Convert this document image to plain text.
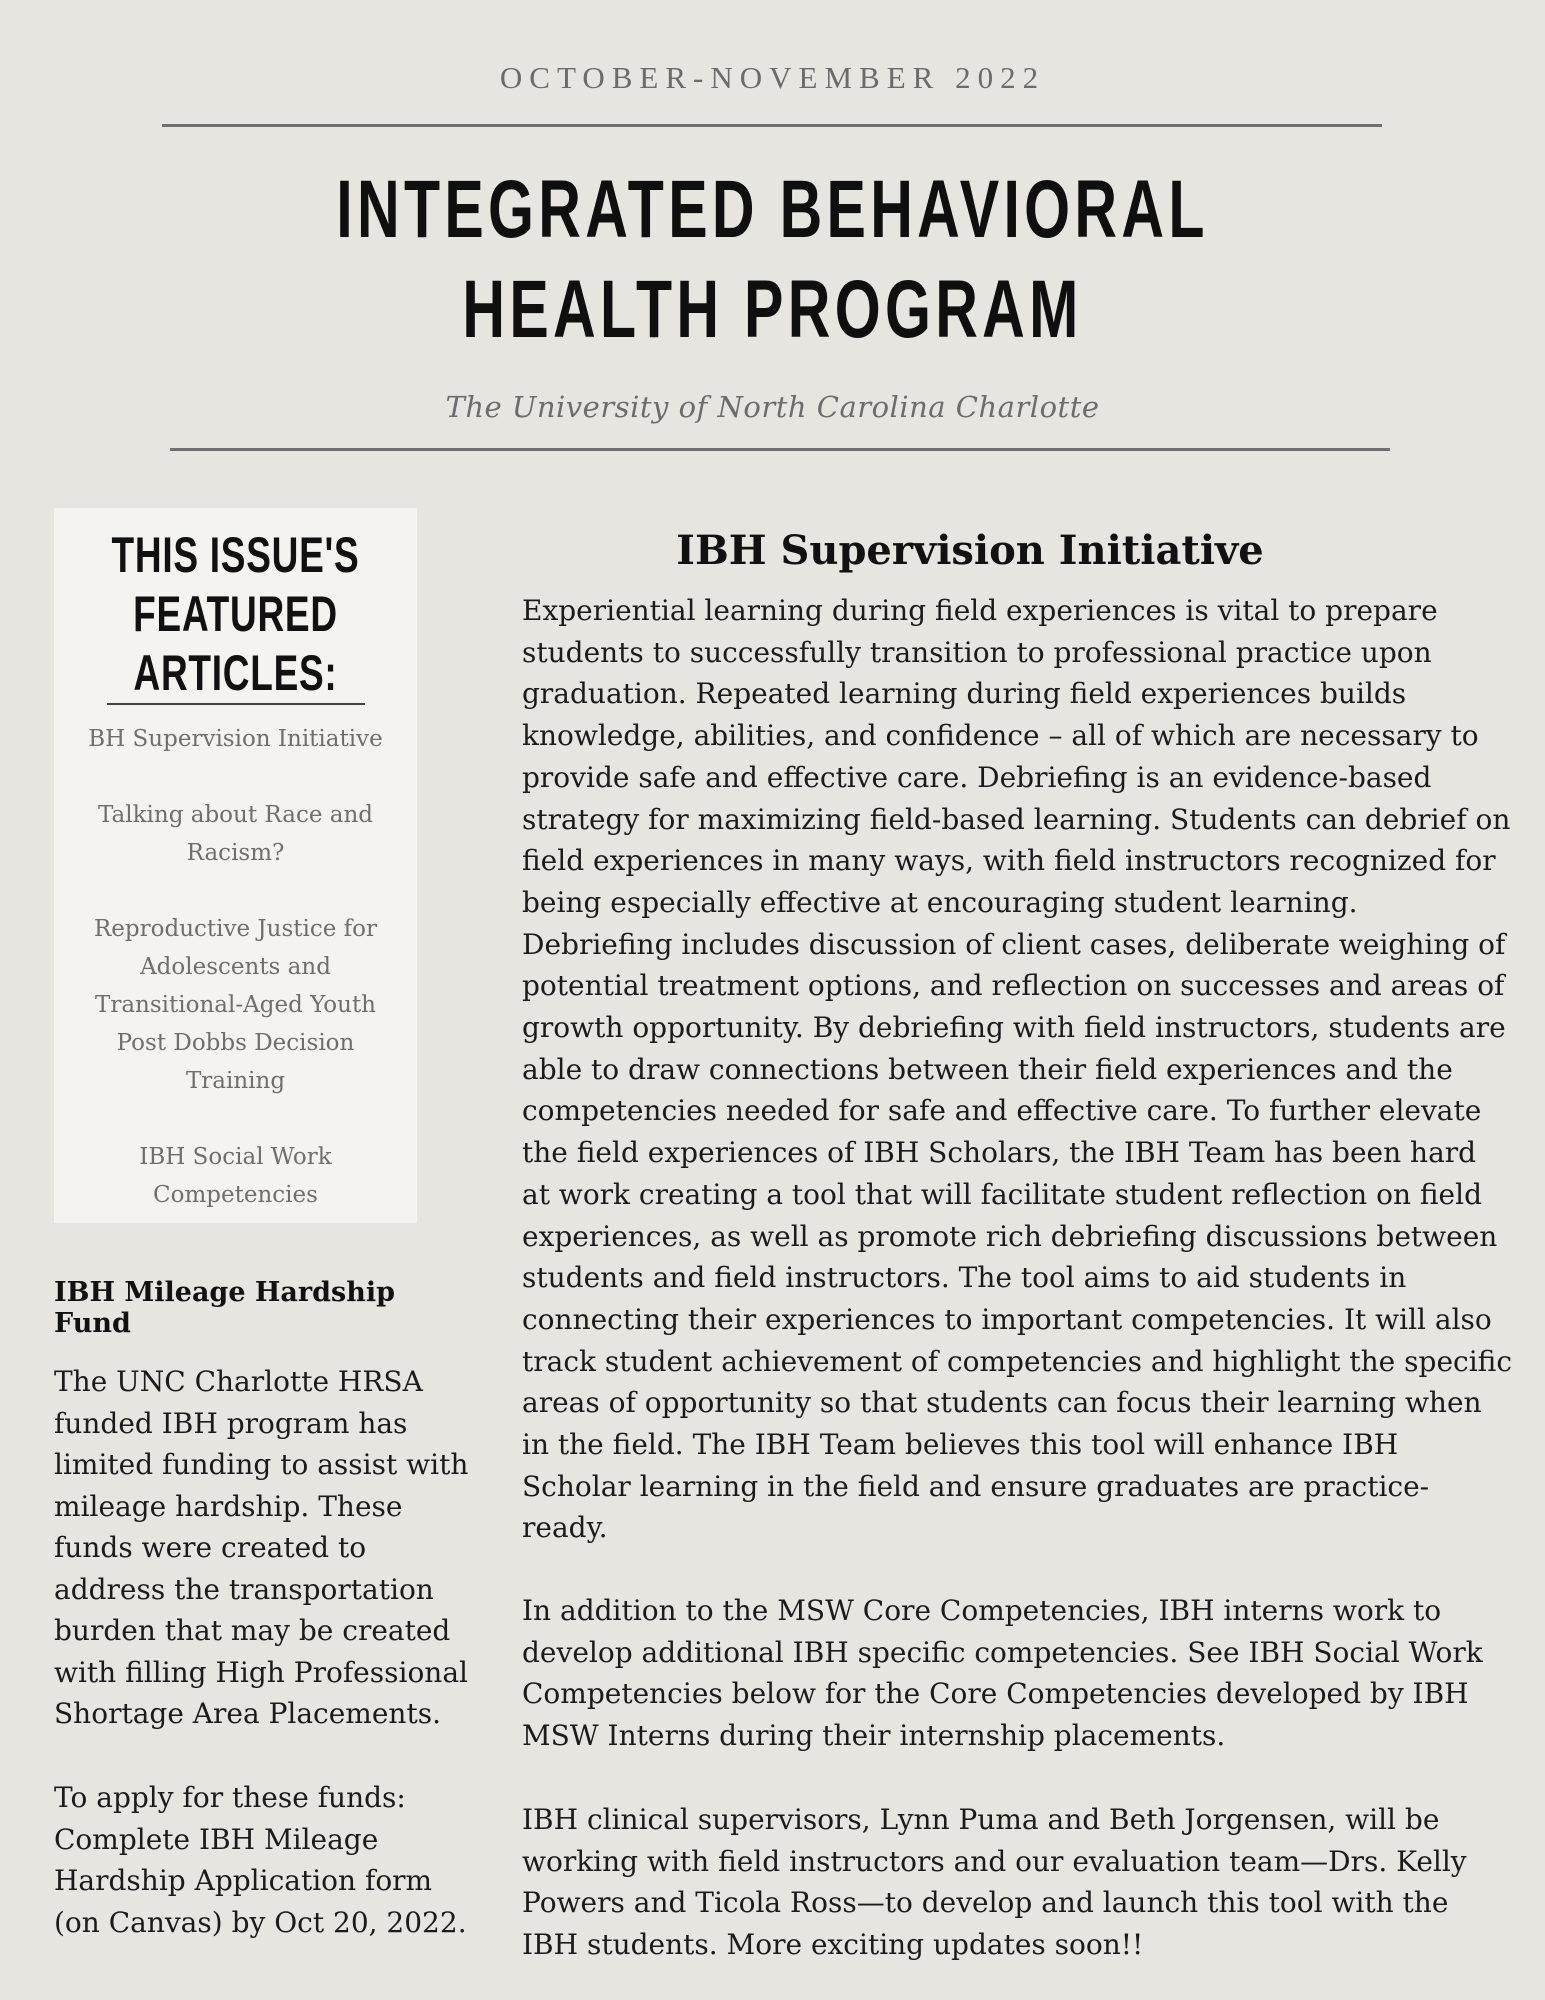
OCTOBER-NOVEMBER 2022
INTEGRATED BEHAVIORAL
HEALTH PROGRAM
The University of North Carolina Charlotte
THIS ISSUE'S
FEATURED
ARTICLES:
BH Supervision Initiative
Talking about Race and Racism?
Reproductive Justice for Adolescents and Transitional-Aged Youth Post Dobbs Decision Training
IBH Social Work Competencies
IBH Mileage Hardship Fund
The UNC Charlotte HRSA funded IBH program has limited funding to assist with mileage hardship. These funds were created to address the transportation burden that may be created with filling High Professional Shortage Area Placements.
To apply for these funds: Complete IBH Mileage Hardship Application form (on Canvas) by Oct 20, 2022.
IBH Supervision Initiative
Experiential learning during field experiences is vital to prepare students to successfully transition to professional practice upon graduation. Repeated learning during field experiences builds knowledge, abilities, and confidence – all of which are necessary to provide safe and effective care. Debriefing is an evidence-based strategy for maximizing field-based learning. Students can debrief on field experiences in many ways, with field instructors recognized for being especially effective at encouraging student learning. Debriefing includes discussion of client cases, deliberate weighing of potential treatment options, and reflection on successes and areas of growth opportunity. By debriefing with field instructors, students are able to draw connections between their field experiences and the competencies needed for safe and effective care. To further elevate the field experiences of IBH Scholars, the IBH Team has been hard at work creating a tool that will facilitate student reflection on field experiences, as well as promote rich debriefing discussions between students and field instructors. The tool aims to aid students in connecting their experiences to important competencies. It will also track student achievement of competencies and highlight the specific areas of opportunity so that students can focus their learning when in the field. The IBH Team believes this tool will enhance IBH Scholar learning in the field and ensure graduates are practice-ready.
In addition to the MSW Core Competencies, IBH interns work to develop additional IBH specific competencies. See IBH Social Work Competencies below for the Core Competencies developed by IBH MSW Interns during their internship placements.
IBH clinical supervisors, Lynn Puma and Beth Jorgensen, will be working with field instructors and our evaluation team—Drs. Kelly Powers and Ticola Ross—to develop and launch this tool with the IBH students. More exciting updates soon!!
